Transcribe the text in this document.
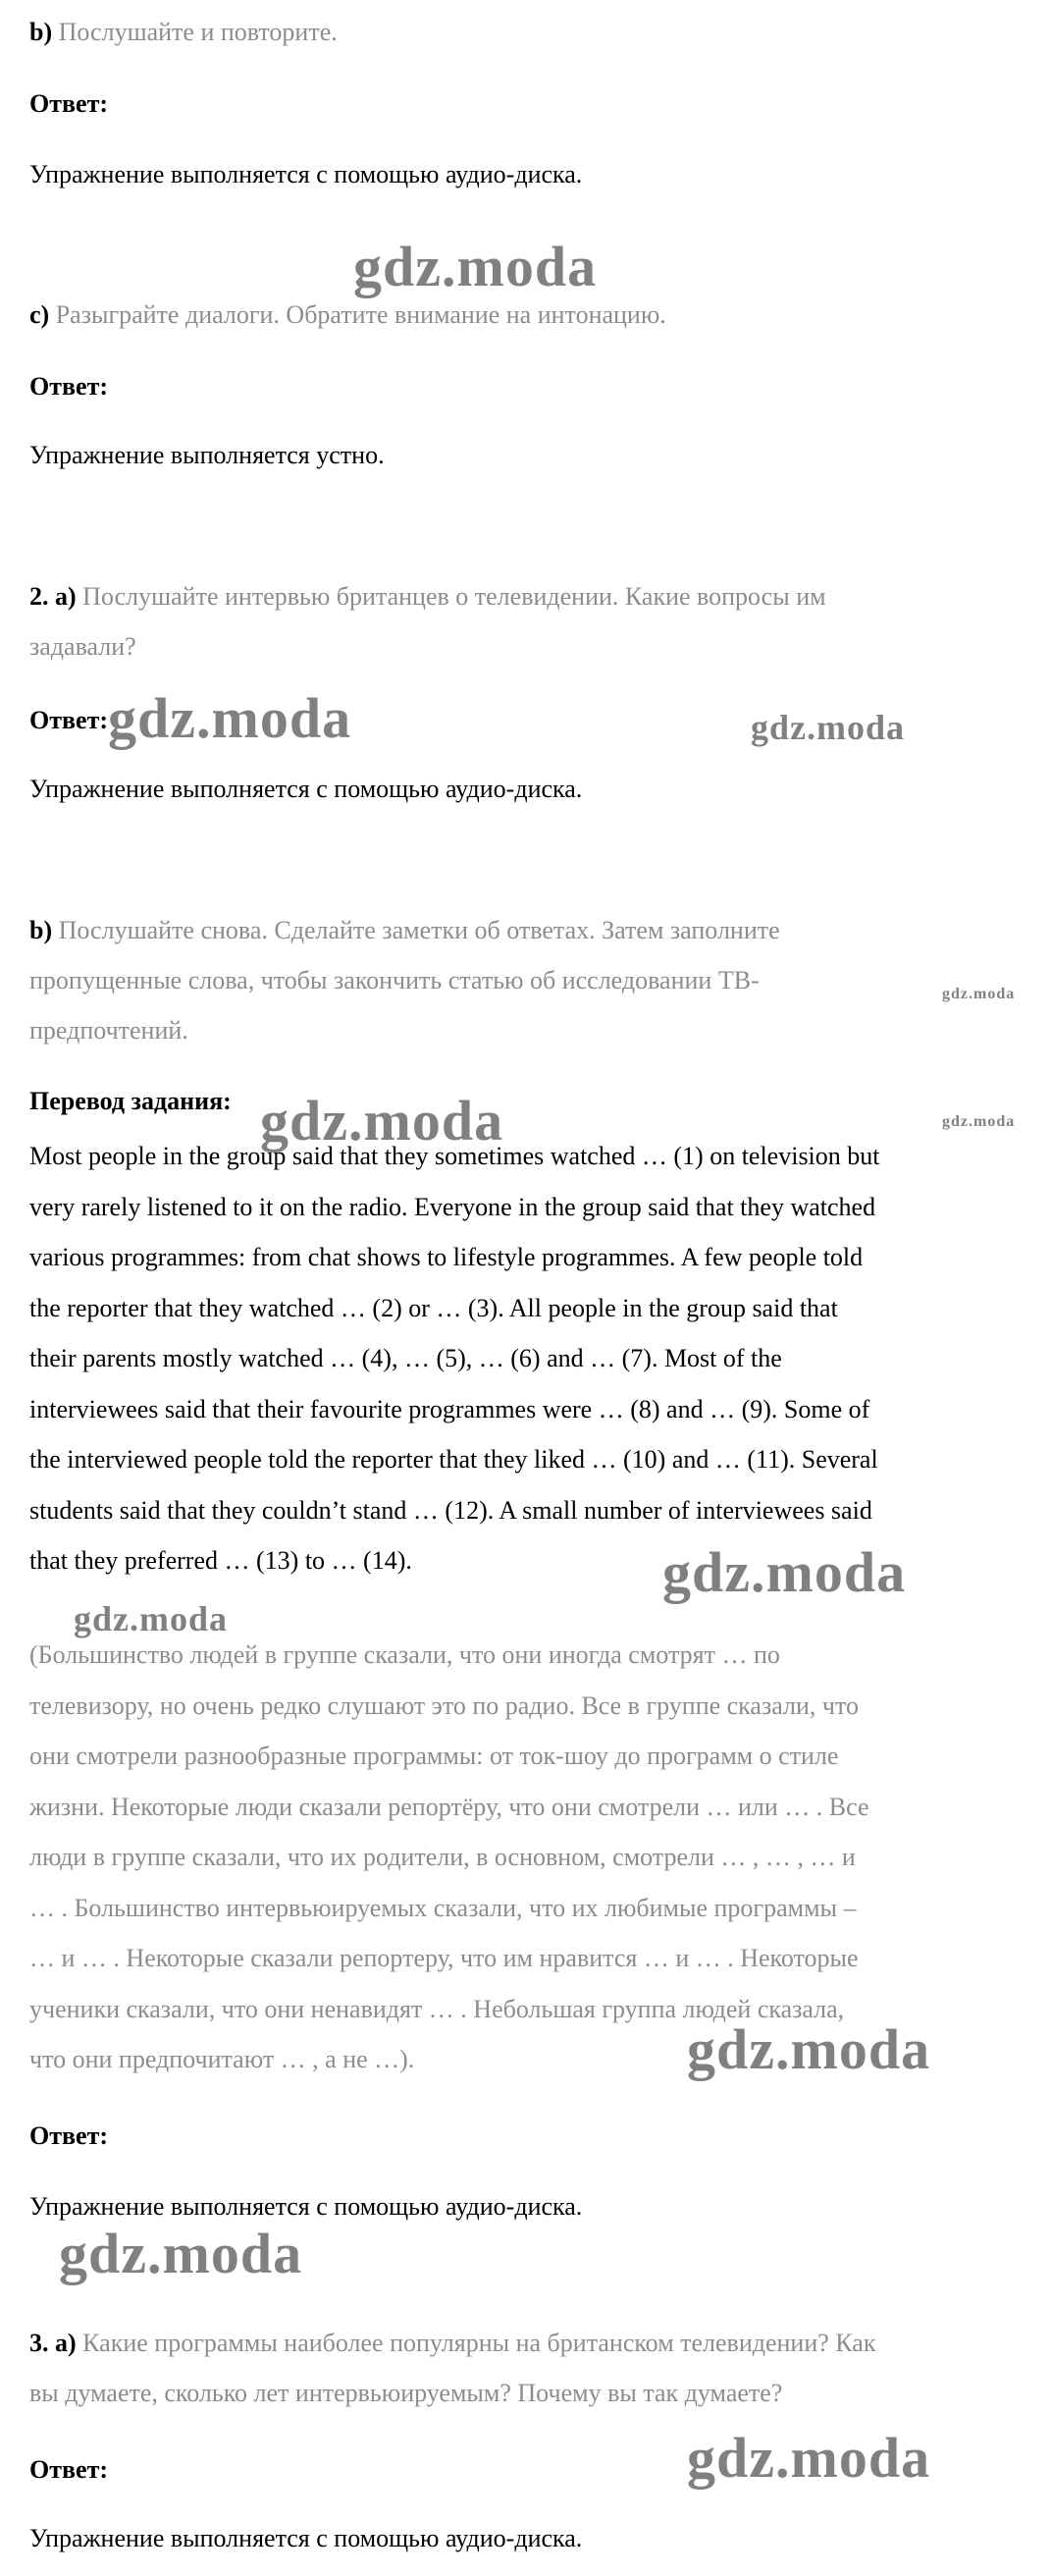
b) Послушайте и повторите.
Ответ:
Упражнение выполняется с помощью аудио-диска.
c) Разыграйте диалоги. Обратите внимание на интонацию.
Ответ:
Упражнение выполняется устно.
2. a) Послушайте интервью британцев о телевидении. Какие вопросы им
задавали?
Ответ:
Упражнение выполняется с помощью аудио-диска.
b) Послушайте снова. Сделайте заметки об ответах. Затем заполните
пропущенные слова, чтобы закончить статью об исследовании ТВ-
предпочтений.
Перевод задания:
Most people in the group said that they sometimes watched … (1) on television but
very rarely listened to it on the radio. Everyone in the group said that they watched
various programmes: from chat shows to lifestyle programmes. A few people told
the reporter that they watched … (2) or … (3). All people in the group said that
their parents mostly watched … (4), … (5), … (6) and … (7). Most of the
interviewees said that their favourite programmes were … (8) and … (9). Some of
the interviewed people told the reporter that they liked … (10) and … (11). Several
students said that they couldn’t stand … (12). A small number of interviewees said
that they preferred … (13) to … (14).
(Большинство людей в группе сказали, что они иногда смотрят … по
телевизору, но очень редко слушают это по радио. Все в группе сказали, что
они смотрели разнообразные программы: от ток-шоу до программ о стиле
жизни. Некоторые люди сказали репортёру, что они смотрели … или … . Все
люди в группе сказали, что их родители, в основном, смотрели … , … , … и
… . Большинство интервьюируемых сказали, что их любимые программы –
… и … . Некоторые сказали репортеру, что им нравится … и … . Некоторые
ученики сказали, что они ненавидят … . Небольшая группа людей сказала,
что они предпочитают … , а не …).
Ответ:
Упражнение выполняется с помощью аудио-диска.
3. a) Какие программы наиболее популярны на британском телевидении? Как
вы думаете, сколько лет интервьюируемым? Почему вы так думаете?
Ответ:
Упражнение выполняется с помощью аудио-диска.
gdz.moda
gdz.moda	gdz.moda
gdz.moda
gdz.moda	gdz.moda
gdz.moda
gdz.moda
gdz.moda
gdz.moda
gdz.moda
